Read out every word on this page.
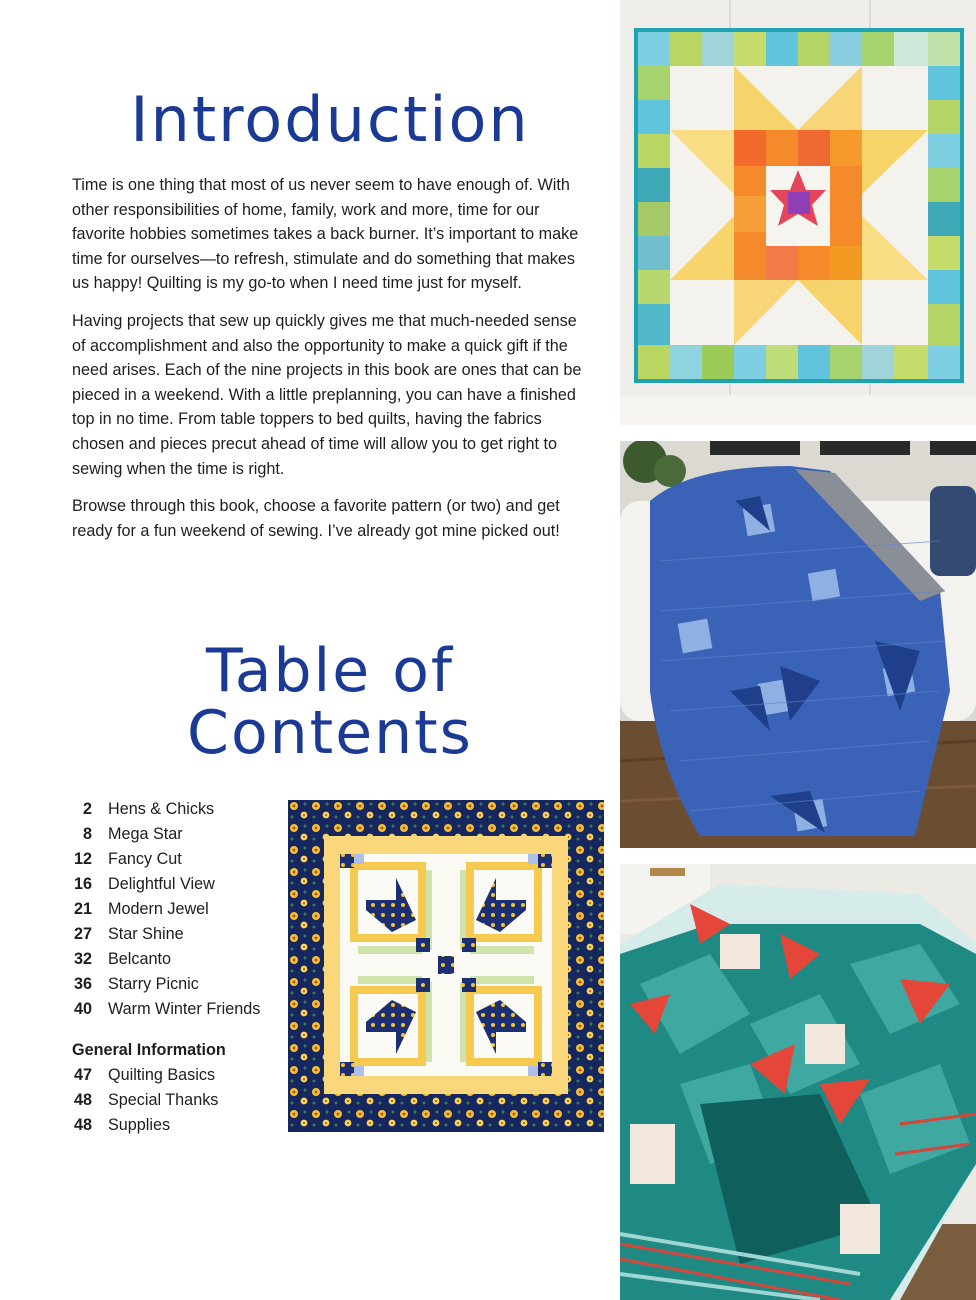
Introduction

Time is one thing that most of us never seem to have enough of. With other responsibilities of home, family, work and more, time for our favorite hobbies sometimes takes a back burner. It’s important to make time for ourselves—to refresh, stimulate and do something that makes us happy! Quilting is my go-to when I need time just for myself.

Having projects that sew up quickly gives me that much-needed sense of accomplishment and also the opportunity to make a quick gift if the need arises. Each of the nine projects in this book are ones that can be pieced in a weekend. With a little preplanning, you can have a finished top in no time. From table toppers to bed quilts, having the fabrics chosen and pieces precut ahead of time will allow you to get right to sewing when the time is right.

Browse through this book, choose a favorite pattern (or two) and get ready for a fun weekend of sewing. I’ve already got mine picked out!

Table of Contents
2 Hens & Chicks
8 Mega Star
12 Fancy Cut
16 Delightful View
21 Modern Jewel
27 Star Shine
32 Belcanto
36 Starry Picnic
40 Warm Winter Friends
General Information
47 Quilting Basics
48 Special Thanks
48 Supplies
